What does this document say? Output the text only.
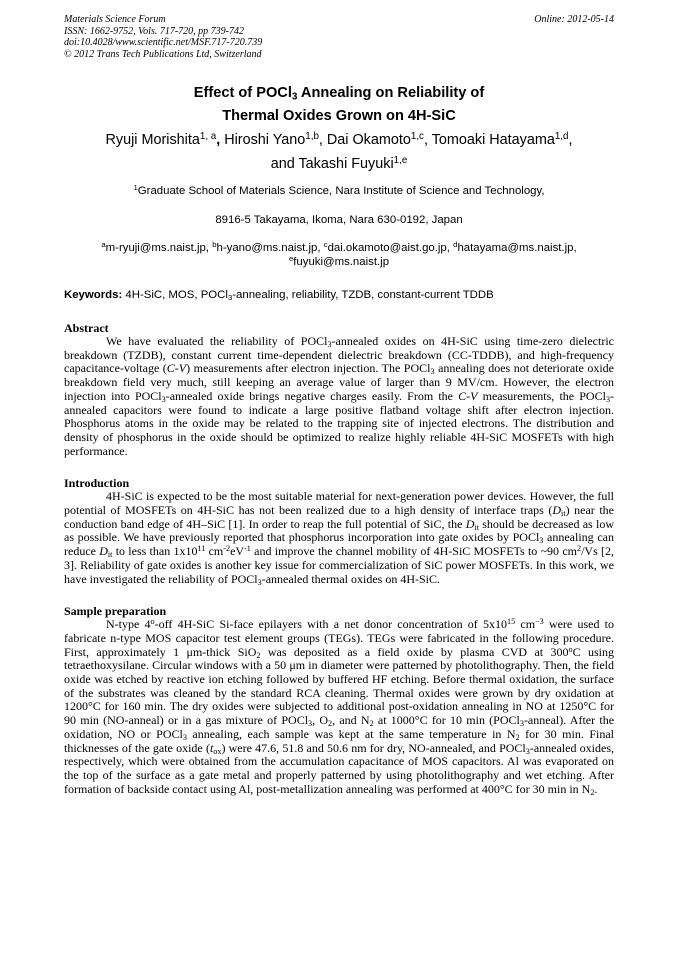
Materials Science Forum
ISSN: 1662-9752, Vols. 717-720, pp 739-742
doi:10.4028/www.scientific.net/MSF.717-720.739
© 2012 Trans Tech Publications Ltd, Switzerland
Online: 2012-05-14
Effect of POCl$_3$ Annealing on Reliability of
Thermal Oxides Grown on 4H-SiC
Ryuji Morishita$^{1, a}$, Hiroshi Yano$^{1,b}$, Dai Okamoto$^{1,c}$, Tomoaki Hatayama$^{1,d}$,
and Takashi Fuyuki$^{1,e}$
$^1$Graduate School of Materials Science, Nara Institute of Science and Technology,
8916-5 Takayama, Ikoma, Nara 630-0192, Japan
$^a$m-ryuji@ms.naist.jp, $^b$h-yano@ms.naist.jp, $^c$dai.okamoto@aist.go.jp, $^d$hatayama@ms.naist.jp,
$^e$fuyuki@ms.naist.jp
Keywords: 4H-SiC, MOS, POCl$_3$-annealing, reliability, TZDB, constant-current TDDB
Abstract

We have evaluated the reliability of POCl$_3$-annealed oxides on 4H-SiC using time-zero dielectric breakdown (TZDB), constant current time-dependent dielectric breakdown (CC-TDDB), and high-frequency capacitance-voltage (C-V) measurements after electron injection. The POCl$_3$ annealing does not deteriorate oxide breakdown field very much, still keeping an average value of larger than 9 MV/cm. However, the electron injection into POCl$_3$-annealed oxide brings negative charges easily. From the C-V measurements, the POCl$_3$-annealed capacitors were found to indicate a large positive flatband voltage shift after electron injection. Phosphorus atoms in the oxide may be related to the trapping site of injected electrons. The distribution and density of phosphorus in the oxide should be optimized to realize highly reliable 4H-SiC MOSFETs with high performance.

Introduction

4H-SiC is expected to be the most suitable material for next-generation power devices. However, the full potential of MOSFETs on 4H-SiC has not been realized due to a high density of interface traps $(D_{it})$ near the conduction band edge of 4H–SiC [1]. In order to reap the full potential of SiC, the $D_{it}$ should be decreased as low as possible. We have previously reported that phosphorus incorporation into gate oxides by POCl$_3$ annealing can reduce $D_{it}$ to less than $1x10^{11}$ $cm^{-2}eV^{-1}$ and improve the channel mobility of 4H-SiC MOSFETs to ~90 $cm^2/Vs$ [2, 3]. Reliability of gate oxides is another key issue for commercialization of SiC power MOSFETs. In this work, we have investigated the reliability of POCl$_3$-annealed thermal oxides on 4H-SiC.

Sample preparation

N-type 4$^o$-off 4H-SiC Si-face epilayers with a net donor concentration of $5x10^{15}$ $cm^{-3}$ were used to fabricate n-type MOS capacitor test element groups (TEGs). TEGs were fabricated in the following procedure. First, approximately 1 μm-thick SiO$_2$ was deposited as a field oxide by plasma CVD at 300$^o$C using tetraethoxysilane. Circular windows with a 50 μm in diameter were patterned by photolithography. Then, the field oxide was etched by reactive ion etching followed by buffered HF etching. Before thermal oxidation, the surface of the substrates was cleaned by the standard RCA cleaning. Thermal oxides were grown by dry oxidation at 1200°C for 160 min. The dry oxides were subjected to additional post-oxidation annealing in NO at 1250°C for 90 min (NO-anneal) or in a gas mixture of POCl$_3$, $O_2$, and $N_2$ at 1000°C for 10 min (POCl$_3$-anneal). After the oxidation, NO or POCl$_3$ annealing, each sample was kept at the same temperature in $N_2$ for 30 min. Final thicknesses of the gate oxide $(t_{ox})$ were 47.6, 51.8 and 50.6 nm for dry, NO-annealed, and POCl$_3$-annealed oxides, respectively, which were obtained from the accumulation capacitance of MOS capacitors. Al was evaporated on the top of the surface as a gate metal and properly patterned by using photolithography and wet etching. After formation of backside contact using Al, post-metallization annealing was performed at 400°C for 30 min in $N_2$.
